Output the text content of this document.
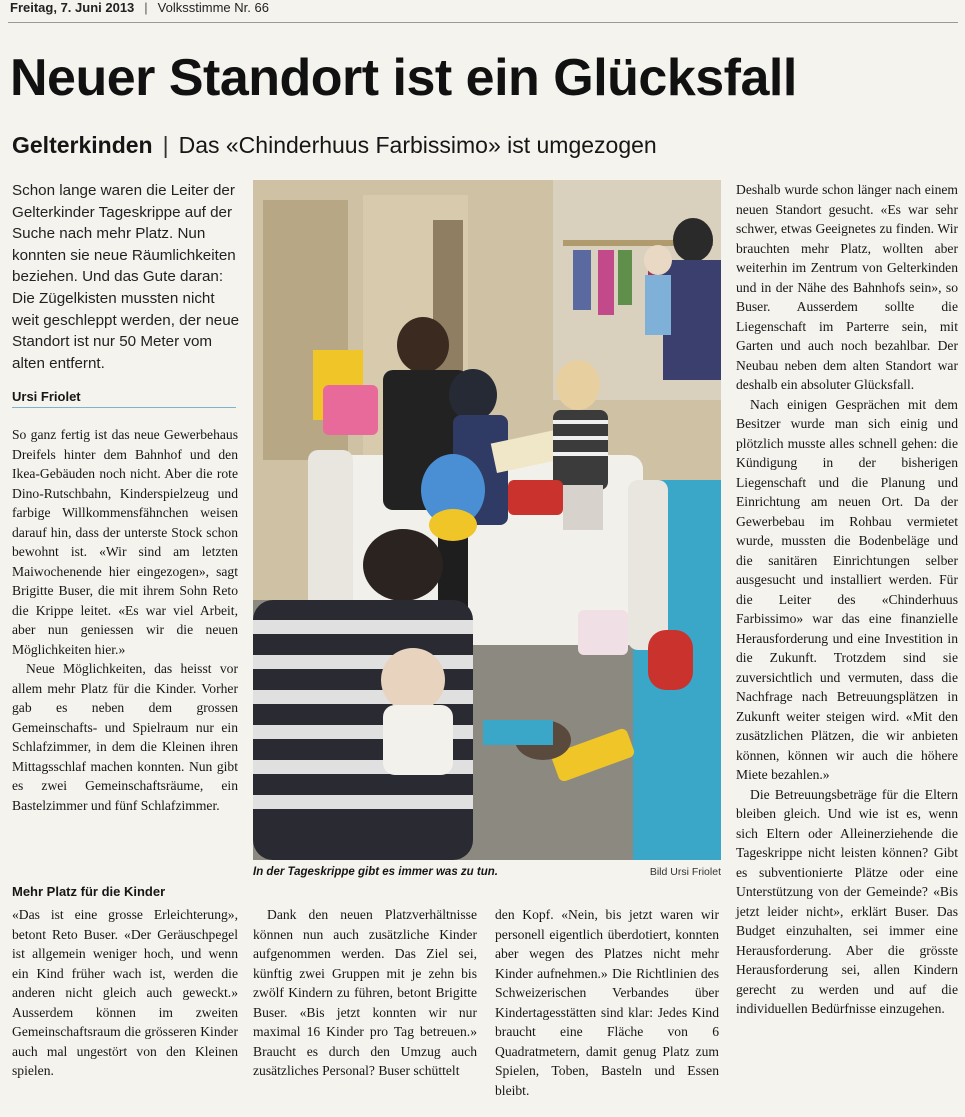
Freitag, 7. Juni 2013 | Volksstimme Nr. 66
Neuer Standort ist ein Glücksfall
Gelterkinden | Das «Chinderhuus Farbissimo» ist umgezogen
Schon lange waren die Leiter der Gelterkinder Tageskrippe auf der Suche nach mehr Platz. Nun konnten sie neue Räumlichkeiten beziehen. Und das Gute daran: Die Zügelkisten mussten nicht weit geschleppt werden, der neue Standort ist nur 50 Meter vom alten entfernt.
Ursi Friolet

So ganz fertig ist das neue Gewerbehaus Dreifels hinter dem Bahnhof und den Ikea-Gebäuden noch nicht. Aber die rote Dino-Rutschbahn, Kinderspielzeug und farbige Willkommensfähnchen weisen darauf hin, dass der unterste Stock schon bewohnt ist. «Wir sind am letzten Maiwochenende hier eingezogen», sagt Brigitte Buser, die mit ihrem Sohn Reto die Krippe leitet. «Es war viel Arbeit, aber nun geniessen wir die neuen Möglichkeiten hier.»

Neue Möglichkeiten, das heisst vor allem mehr Platz für die Kinder. Vorher gab es neben dem grossen Gemeinschafts- und Spielraum nur ein Schlafzimmer, in dem die Kleinen ihren Mittagsschlaf machen konnten. Nun gibt es zwei Gemeinschaftsräume, ein Bastelzimmer und fünf Schlafzimmer.

Mehr Platz für die Kinder

«Das ist eine grosse Erleichterung», betont Reto Buser. «Der Geräuschpegel ist allgemein weniger hoch, und wenn ein Kind früher wach ist, werden die anderen nicht gleich auch geweckt.» Ausserdem können im zweiten Gemeinschaftsraum die grösseren Kinder auch mal ungestört von den Kleinen spielen.

Dank den neuen Platzverhältnisse können nun auch zusätzliche Kinder aufgenommen werden. Das Ziel sei, künftig zwei Gruppen mit je zehn bis zwölf Kindern zu führen, betont Brigitte Buser. «Bis jetzt konnten wir nur maximal 16 Kinder pro Tag betreuen.» Braucht es durch den Umzug auch zusätzliches Personal? Buser schüttelt

den Kopf. «Nein, bis jetzt waren wir personell eigentlich überdotiert, konnten aber wegen des Platzes nicht mehr Kinder aufnehmen.» Die Richtlinien des Schweizerischen Verbandes über Kindertagesstätten sind klar: Jedes Kind braucht eine Fläche von 6 Quadratmetern, damit genug Platz zum Spielen, Toben, Basteln und Essen bleibt.

Deshalb wurde schon länger nach einem neuen Standort gesucht. «Es war sehr schwer, etwas Geeignetes zu finden. Wir brauchten mehr Platz, wollten aber weiterhin im Zentrum von Gelterkinden und in der Nähe des Bahnhofs sein», so Buser. Ausserdem sollte die Liegenschaft im Parterre sein, mit Garten und auch noch bezahlbar. Der Neubau neben dem alten Standort war deshalb ein absoluter Glücksfall.

Nach einigen Gesprächen mit dem Besitzer wurde man sich einig und plötzlich musste alles schnell gehen: die Kündigung in der bisherigen Liegenschaft und die Planung und Einrichtung am neuen Ort. Da der Gewerbebau im Rohbau vermietet wurde, mussten die Bodenbeläge und die sanitären Einrichtungen selber ausgesucht und installiert werden. Für die Leiter des «Chinderhuus Farbissimo» war das eine finanzielle Herausforderung und eine Investition in die Zukunft. Trotzdem sind sie zuversichtlich und vermuten, dass die Nachfrage nach Betreuungsplätzen in Zukunft weiter steigen wird. «Mit den zusätzlichen Plätzen, die wir anbieten können, können wir auch die höhere Miete bezahlen.»

Die Betreuungsbeträge für die Eltern bleiben gleich. Und wie ist es, wenn sich Eltern oder Alleinerziehende die Tageskrippe nicht leisten können? Gibt es subventionierte Plätze oder eine Unterstützung von der Gemeinde? «Bis jetzt leider nicht», erklärt Buser. Das Budget einzuhalten, sei immer eine Herausforderung. Aber die grösste Herausforderung sei, allen Kindern gerecht zu werden und auf die individuellen Bedürfnisse einzugehen.

In der Tageskrippe gibt es immer was zu tun.	Bild Ursi Friolet
